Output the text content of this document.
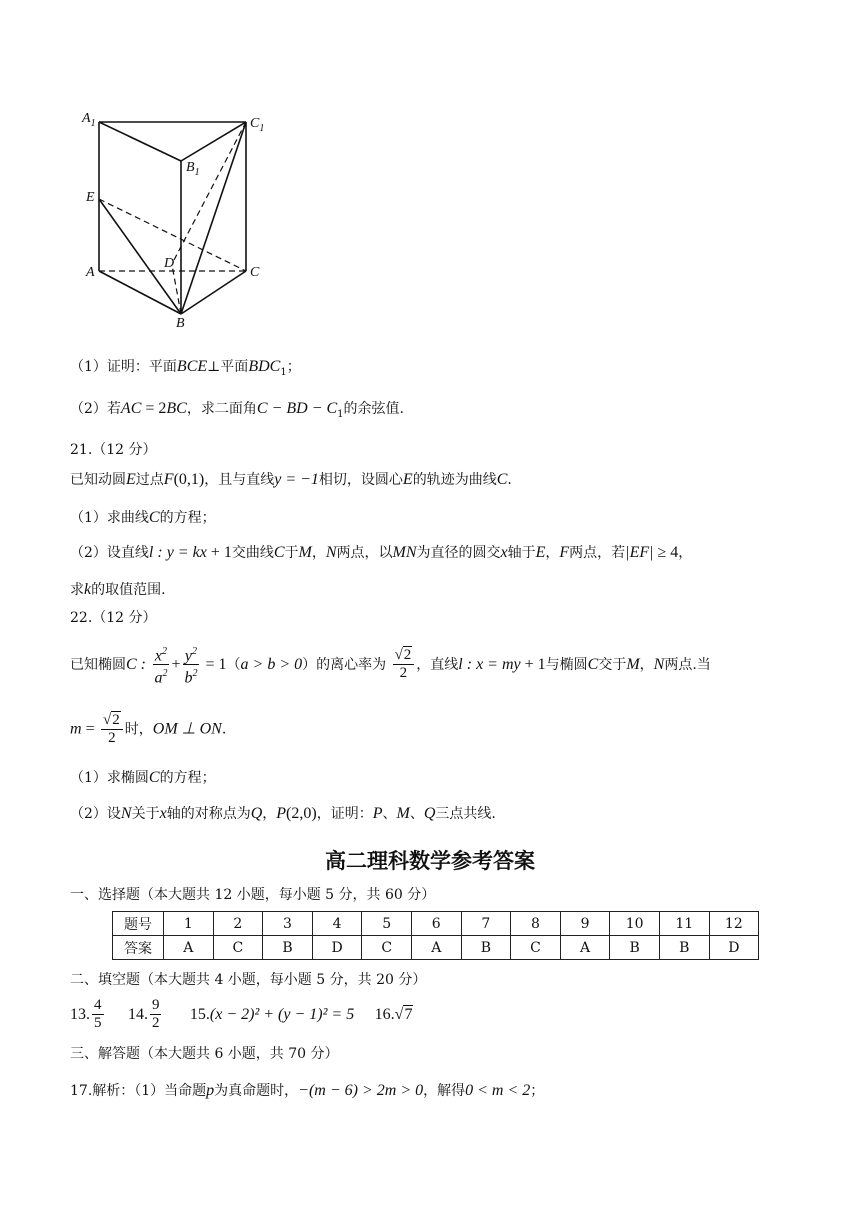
$A_1$	$C_1$
$B_1$
E
D
A	C
B
（1）证明：平面BCE⊥平面$BDC_1$；
（2）若AC = 2BC，求二面角C − BD − $C_1$的余弦值.
21.（12 分）
已知动圆E过点F(0,1)，且与直线y = −1相切，设圆心E的轨迹为曲线C.
（1）求曲线C的方程；
（2）设直线l : y = kx + 1交曲线C于M，N两点，以MN为直径的圆交x轴于E，F两点，若|EF| ≥ 4，
求k的取值范围.
22.（12 分）
已知椭圆C : $\frac{x^2}{a^2} + \frac{y^2}{b^2} = 1(a > b > 0)$的离心率为 $\frac{√2}{2}$ ，直线l : x = my + 1与椭圆C交于M，N两点.当
$m = \frac{√2}{2}$ 时，OM ⊥ ON.
（1）求椭圆C的方程；
（2）设N关于x轴的对称点为Q，P(2,0)，证明：P、M、Q三点共线.
高二理科数学参考答案
一、选择题（本大题共 12 小题，每小题 5 分，共 60 分）
题号	1	2	3	4	5	6	7	8	9	10	11	12
答案	A	C	B	D	C	A	B	C	A	B	B	D
二、填空题（本大题共 4 小题，每小题 5 分，共 20 分）
13. $\frac{4}{5} 14$. $\frac{9}{2} 15.(x - 2)^2 + (y - 1)^2 = 5$ 16.√7
三、解答题（本大题共 6 小题，共 70 分）
17.解析：（1）当命题p为真命题时，−(m − 6) > 2m > 0，解得0 < m < 2；
